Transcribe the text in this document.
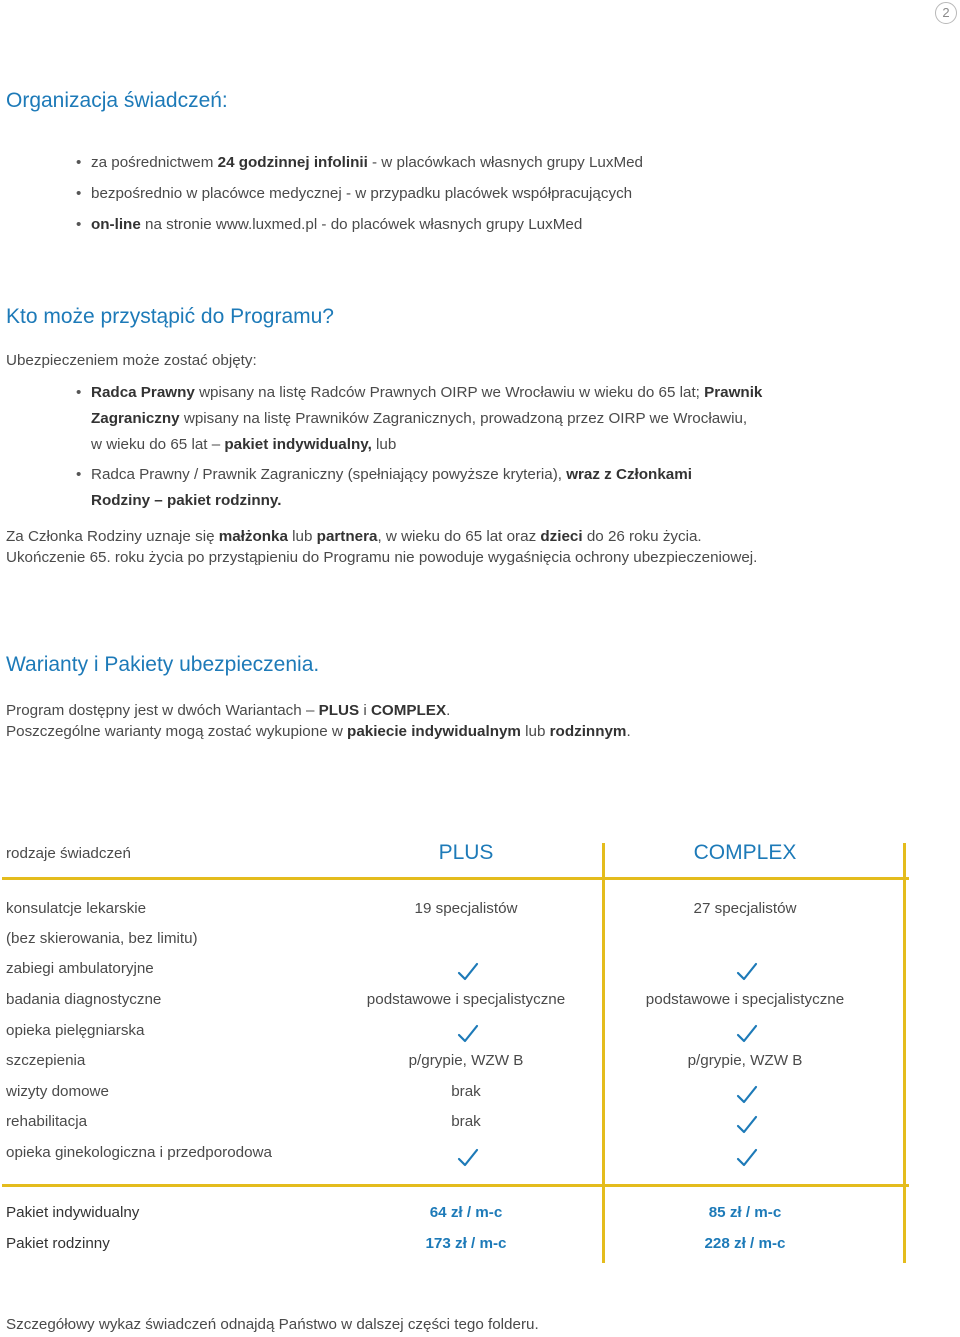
2
Organizacja świadczeń:
• za pośrednictwem 24 godzinnej infolinii - w placówkach własnych grupy LuxMed
• bezpośrednio w placówce medycznej - w przypadku placówek współpracujących
• on-line na stronie www.luxmed.pl - do placówek własnych grupy LuxMed
Kto może przystąpić do Programu?
Ubezpieczeniem może zostać objęty:
• Radca Prawny wpisany na listę Radców Prawnych OIRP we Wrocławiu w wieku do 65 lat; Prawnik
Zagraniczny wpisany na listę Prawników Zagranicznych, prowadzoną przez OIRP we Wrocławiu,
w wieku do 65 lat – pakiet indywidualny, lub
• Radca Prawny / Prawnik Zagraniczny (spełniający powyższe kryteria), wraz z Członkami
Rodziny – pakiet rodzinny.
Za Członka Rodziny uznaje się małżonka lub partnera, w wieku do 65 lat oraz dzieci do 26 roku życia.
Ukończenie 65. roku życia po przystąpieniu do Programu nie powoduje wygaśnięcia ochrony ubezpieczeniowej.
Warianty i Pakiety ubezpieczenia.
Program dostępny jest w dwóch Wariantach – PLUS i COMPLEX.
Poszczególne warianty mogą zostać wykupione w pakiecie indywidualnym lub rodzinnym.
rodzaje świadczeń	PLUS	COMPLEX
konsulatcje lekarskie	19 specjalistów	27 specjalistów
(bez skierowania, bez limitu)
zabiegi ambulatoryjne
badania diagnostyczne	podstawowe i specjalistyczne	podstawowe i specjalistyczne
opieka pielęgniarska
szczepienia	p/grypie, WZW B	p/grypie, WZW B
wizyty domowe	brak
rehabilitacja	brak
opieka ginekologiczna i przedporodowa
Pakiet indywidualny	64 zł / m-c	85 zł / m-c
Pakiet rodzinny	173 zł / m-c	228 zł / m-c
Szczegółowy wykaz świadczeń odnajdą Państwo w dalszej części tego folderu.
